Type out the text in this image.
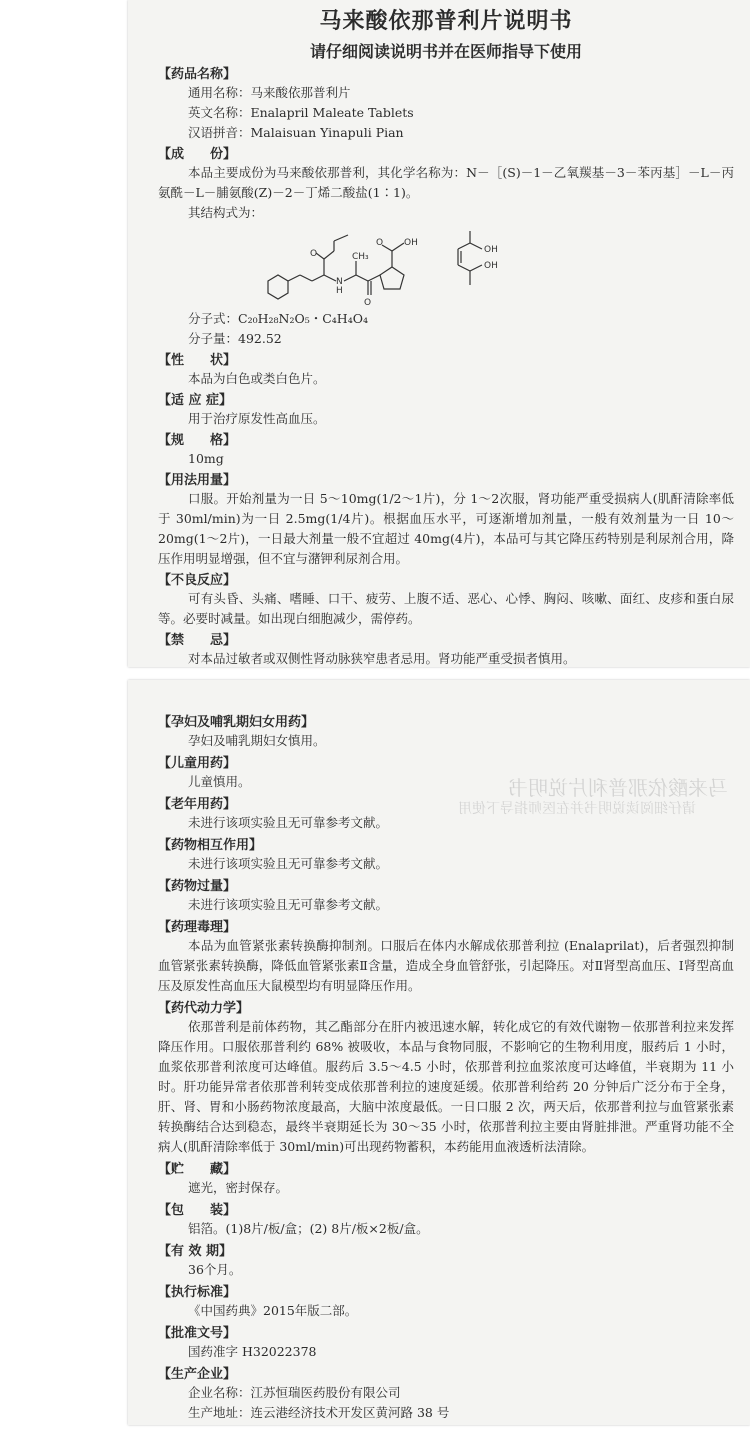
马来酸依那普利片说明书
请仔细阅读说明书并在医师指导下使用
【药品名称】
通用名称：马来酸依那普利片
英文名称：Enalapril Maleate Tablets
汉语拼音：Malaisuan Yinapuli Pian
【成　　份】
本品主要成份为马来酸依那普利，其化学名称为：N－［(S)－1－乙氧羰基－3－苯丙基］－L－丙氨酰－L－脯氨酸(Z)－2－丁烯二酸盐(1∶1)。
其结构式为：
O
N
H
CH₃
O
OH
O
OH
OH
分子式：C₂₀H₂₈N₂O₅・C₄H₄O₄
分子量：492.52
【性　　状】
本品为白色或类白色片。
【适 应 症】
用于治疗原发性高血压。
【规　　格】
10mg
【用法用量】
口服。开始剂量为一日 5～10mg(1/2～1片)，分 1～2次服，肾功能严重受损病人(肌酐清除率低于 30ml/min)为一日 2.5mg(1/4片)。根据血压水平，可逐渐增加剂量，一般有效剂量为一日 10～20mg(1～2片)，一日最大剂量一般不宜超过 40mg(4片)，本品可与其它降压药特别是利尿剂合用，降压作用明显增强，但不宜与潴钾利尿剂合用。
【不良反应】
可有头昏、头痛、嗜睡、口干、疲劳、上腹不适、恶心、心悸、胸闷、咳嗽、面红、皮疹和蛋白尿等。必要时减量。如出现白细胞减少，需停药。
【禁　　忌】
对本品过敏者或双侧性肾动脉狭窄患者忌用。肾功能严重受损者慎用。
马来酸依那普利片说明书
请仔细阅读说明书并在医师指导下使用
【孕妇及哺乳期妇女用药】
孕妇及哺乳期妇女慎用。
【儿童用药】
儿童慎用。
【老年用药】
未进行该项实验且无可靠参考文献。
【药物相互作用】
未进行该项实验且无可靠参考文献。
【药物过量】
未进行该项实验且无可靠参考文献。
【药理毒理】
本品为血管紧张素转换酶抑制剂。口服后在体内水解成依那普利拉 (Enalaprilat)，后者强烈抑制血管紧张素转换酶，降低血管紧张素Ⅱ含量，造成全身血管舒张，引起降压。对Ⅱ肾型高血压、Ⅰ肾型高血压及原发性高血压大鼠模型均有明显降压作用。
【药代动力学】
依那普利是前体药物，其乙酯部分在肝内被迅速水解，转化成它的有效代谢物－依那普利拉来发挥降压作用。口服依那普利约 68% 被吸收，本品与食物同服，不影响它的生物利用度，服药后 1 小时，血浆依那普利浓度可达峰值。服药后 3.5～4.5 小时，依那普利拉血浆浓度可达峰值，半衰期为 11 小时。肝功能异常者依那普利转变成依那普利拉的速度延缓。依那普利给药 20 分钟后广泛分布于全身，肝、肾、胃和小肠药物浓度最高，大脑中浓度最低。一日口服 2 次，两天后，依那普利拉与血管紧张素转换酶结合达到稳态，最终半衰期延长为 30～35 小时，依那普利拉主要由肾脏排泄。严重肾功能不全病人(肌酐清除率低于 30ml/min)可出现药物蓄积，本药能用血液透析法清除。
【贮　　藏】
遮光，密封保存。
【包　　装】
铝箔。(1)8片/板/盒；(2) 8片/板×2板/盒。
【有 效 期】
36个月。
【执行标准】
《中国药典》2015年版二部。
【批准文号】
国药准字 H32022378
【生产企业】
企业名称：江苏恒瑞医药股份有限公司
生产地址：连云港经济技术开发区黄河路 38 号
